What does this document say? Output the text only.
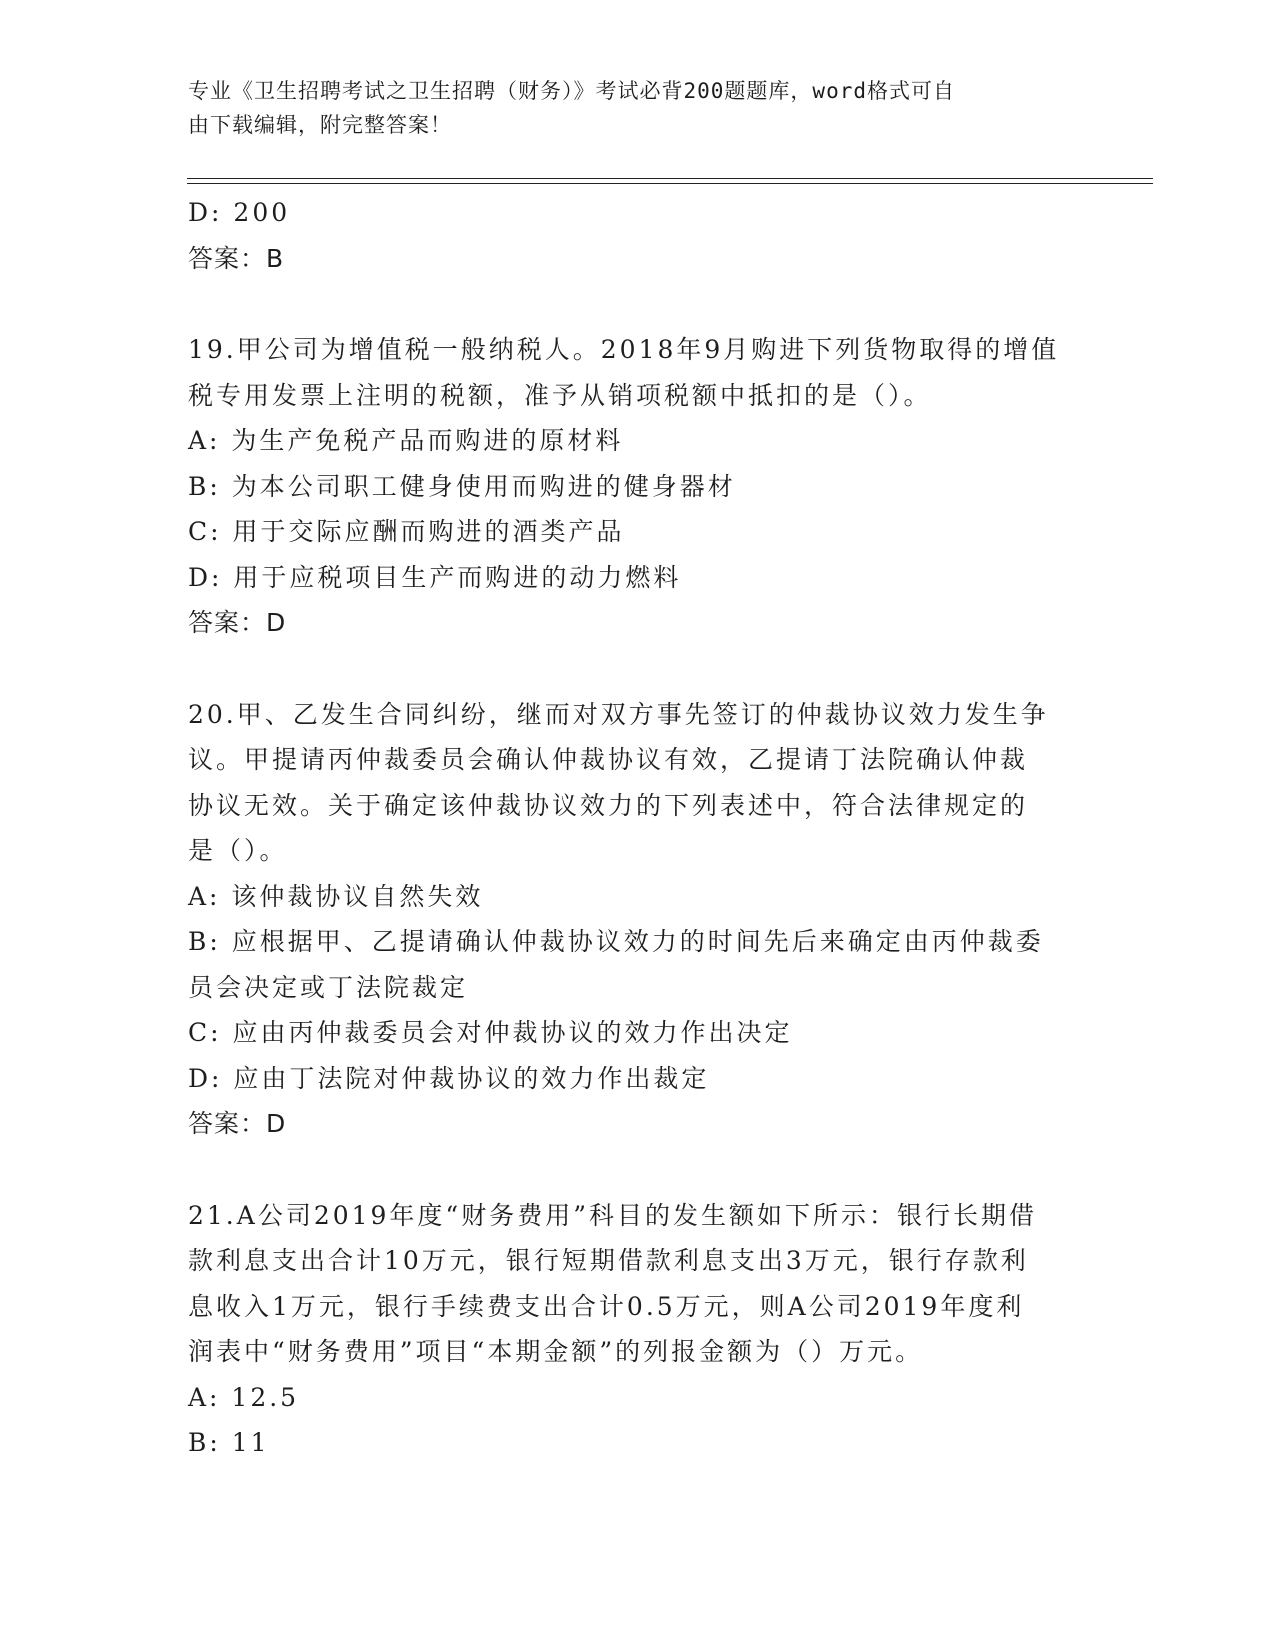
专业《卫生招聘考试之卫生招聘（财务）》考试必背200题题库，word格式可自
由下载编辑，附完整答案！
D: 200
答案：B
19.甲公司为增值税一般纳税人。2018年9月购进下列货物取得的增值
税专用发票上注明的税额，准予从销项税额中抵扣的是（）。
A: 为生产免税产品而购进的原材料
B: 为本公司职工健身使用而购进的健身器材
C: 用于交际应酬而购进的酒类产品
D: 用于应税项目生产而购进的动力燃料
答案：D
20.甲、乙发生合同纠纷，继而对双方事先签订的仲裁协议效力发生争
议。甲提请丙仲裁委员会确认仲裁协议有效，乙提请丁法院确认仲裁
协议无效。关于确定该仲裁协议效力的下列表述中，符合法律规定的
是（）。
A: 该仲裁协议自然失效
B: 应根据甲、乙提请确认仲裁协议效力的时间先后来确定由丙仲裁委
员会决定或丁法院裁定
C: 应由丙仲裁委员会对仲裁协议的效力作出决定
D: 应由丁法院对仲裁协议的效力作出裁定
答案：D
21.A公司2019年度“财务费用”科目的发生额如下所示：银行长期借
款利息支出合计10万元，银行短期借款利息支出3万元，银行存款利
息收入1万元，银行手续费支出合计0.5万元，则A公司2019年度利
润表中“财务费用”项目“本期金额”的列报金额为（）万元。
A: 12.5
B: 11
